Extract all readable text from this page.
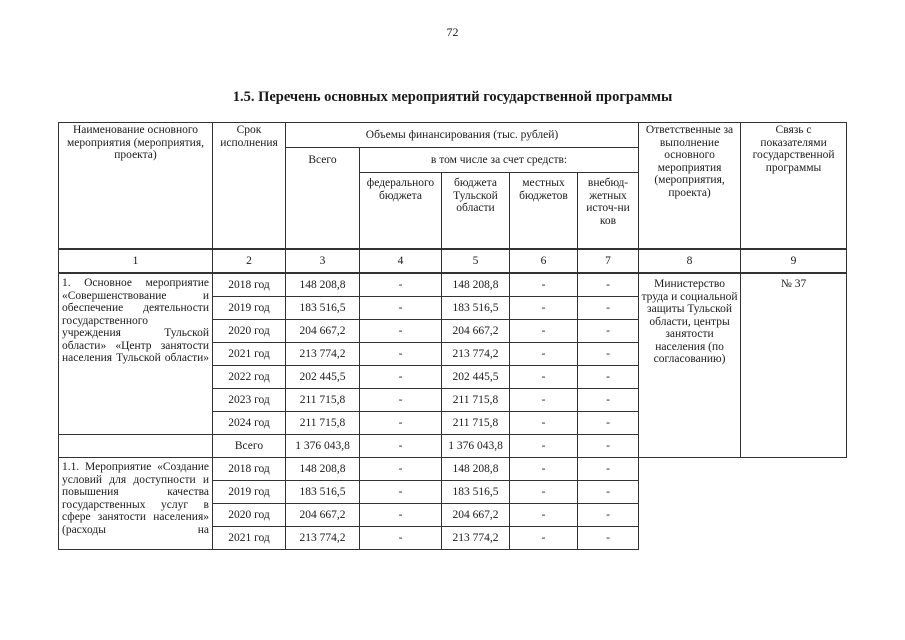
72
1.5. Перечень основных мероприятий государственной программы
Наименование основного мероприятия (мероприятия, проекта)	Срок исполнения	Объемы финансирования (тыс. рублей)					Ответственные за выполнение основного мероприятия (мероприятия, проекта)	Связь с показателями государственной программы
		Всего	в том числе за счет средств:					
			федерального бюджета	бюджета Тульской области	местных бюджетов	внебюд-жетных источ-ни ков		
1	2	3	4	5	6	7	8	9
1. Основное мероприятие «Совершенствование и обеспечение деятельности государственного учреждения Тульской области» «Центр занятости населения Тульской области»	2018 год	148 208,8	-	148 208,8	-	-	Министерство труда и социальной защиты Тульской области, центры занятости населения (по согласованию)	№ 37
	2019 год	183 516,5	-	183 516,5	-	-		
	2020 год	204 667,2	-	204 667,2	-	-		
	2021 год	213 774,2	-	213 774,2	-	-		
	2022 год	202 445,5	-	202 445,5	-	-		
	2023 год	211 715,8	-	211 715,8	-	-		
	2024 год	211 715,8	-	211 715,8	-	-		
	Всего	1 376 043,8	-	1 376 043,8	-	-		
1.1. Мероприятие «Создание условий для доступности и повышения качества государственных услуг в сфере занятости населения» (расходы на	2018 год	148 208,8	-	148 208,8	-	-		
	2019 год	183 516,5	-	183 516,5	-	-		
	2020 год	204 667,2	-	204 667,2	-	-		
	2021 год	213 774,2	-	213 774,2	-	-		
